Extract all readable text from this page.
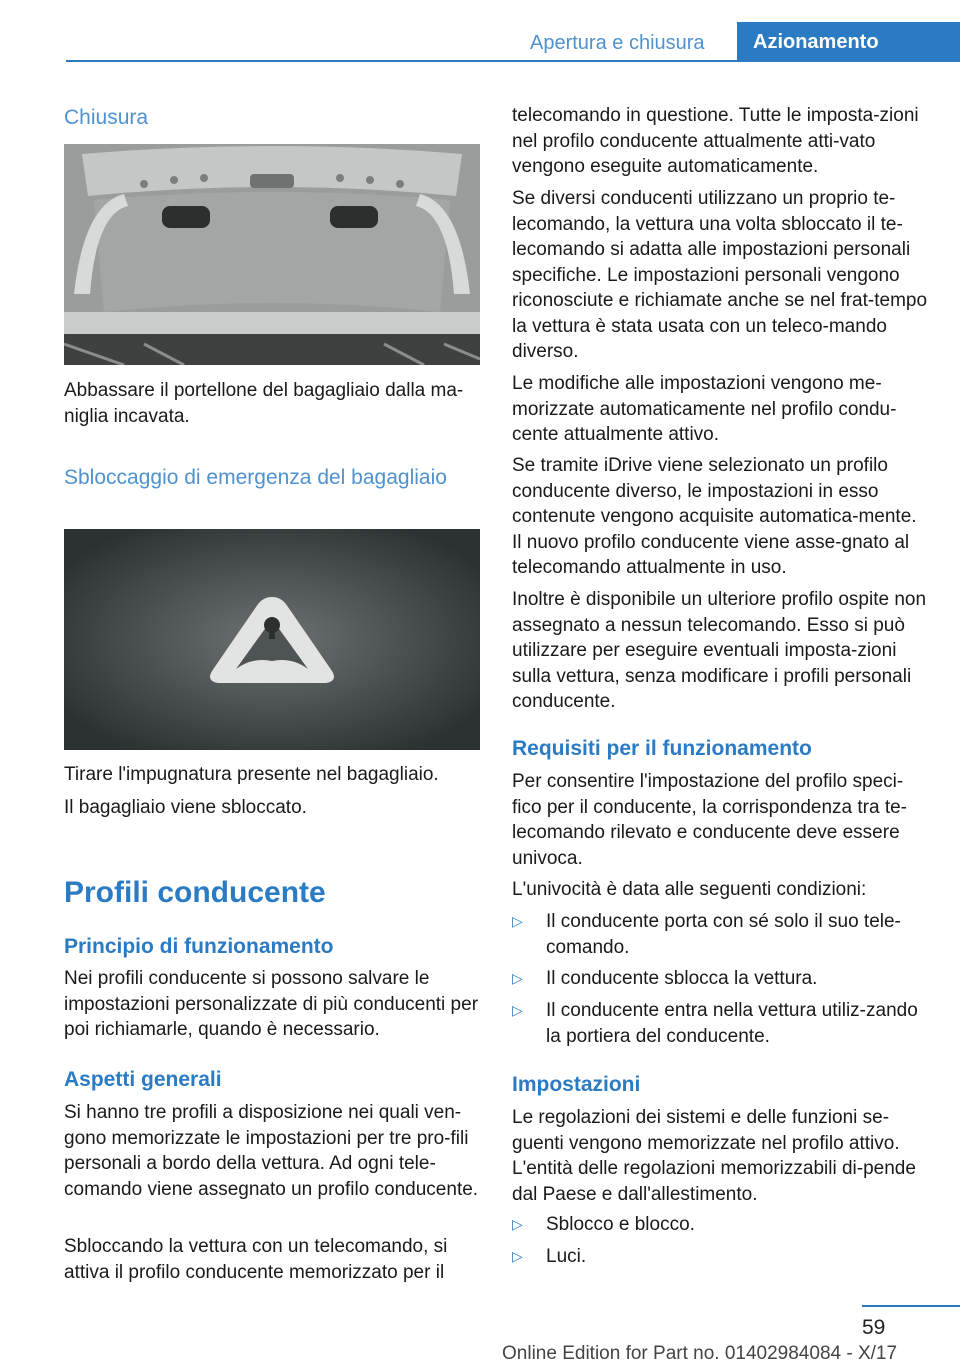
Apertura e chiusura	Azionamento
Chiusura

Abbassare il portellone del bagagliaio dalla ma-niglia incavata.

Sbloccaggio di emergenza del bagagliaio

Tirare l'impugnatura presente nel bagagliaio.

Il bagagliaio viene sbloccato.

Profili conducente
Principio di funzionamento

Nei profili conducente si possono salvare le impostazioni personalizzate di più conducenti per poi richiamarle, quando è necessario.

Aspetti generali

Si hanno tre profili a disposizione nei quali ven-gono memorizzate le impostazioni per tre pro-fili personali a bordo della vettura. Ad ogni tele-comando viene assegnato un profilo conducente.

Sbloccando la vettura con un telecomando, si attiva il profilo conducente memorizzato per il

telecomando in questione. Tutte le imposta-zioni nel profilo conducente attualmente atti-vato vengono eseguite automaticamente.

Se diversi conducenti utilizzano un proprio te-lecomando, la vettura una volta sbloccato il te-lecomando si adatta alle impostazioni personali specifiche. Le impostazioni personali vengono riconosciute e richiamate anche se nel frat-tempo la vettura è stata usata con un teleco-mando diverso.

Le modifiche alle impostazioni vengono me-morizzate automaticamente nel profilo condu-cente attualmente attivo.

Se tramite iDrive viene selezionato un profilo conducente diverso, le impostazioni in esso contenute vengono acquisite automatica-mente. Il nuovo profilo conducente viene asse-gnato al telecomando attualmente in uso.

Inoltre è disponibile un ulteriore profilo ospite non assegnato a nessun telecomando. Esso si può utilizzare per eseguire eventuali imposta-zioni sulla vettura, senza modificare i profili personali conducente.

Requisiti per il funzionamento

Per consentire l'impostazione del profilo speci-fico per il conducente, la corrispondenza tra te-lecomando rilevato e conducente deve essere univoca.

L'univocità è data alle seguenti condizioni:

▷ Il conducente porta con sé solo il suo tele-comando.

▷ Il conducente sblocca la vettura.

▷ Il conducente entra nella vettura utiliz-zando la portiera del conducente.

Impostazioni

Le regolazioni dei sistemi e delle funzioni se-guenti vengono memorizzate nel profilo attivo. L'entità delle regolazioni memorizzabili di-pende dal Paese e dall'allestimento.

▷ Sblocco e blocco.

▷ Luci.

59
Online Edition for Part no. 01402984084 - X/17
